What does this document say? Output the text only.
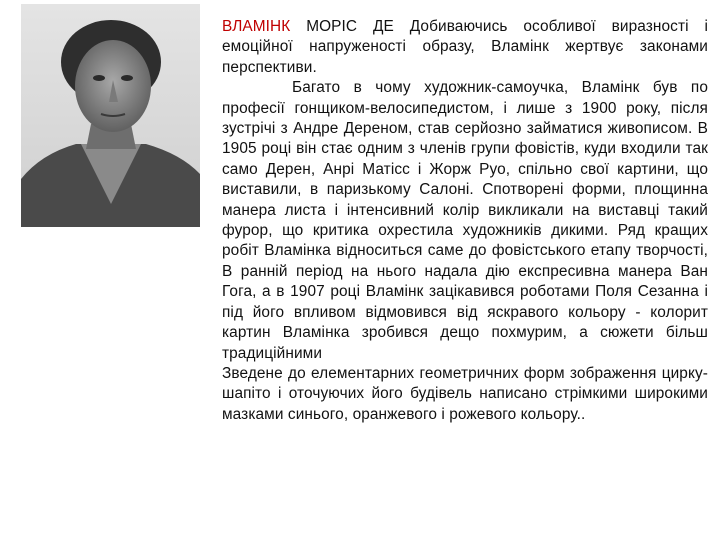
ВЛАМІНК МОРІС ДЕ Добиваючись особливої виразності і емоційної напруженості образу, Вламінк жертвує законами перспективи.

Багато в чому художник-самоучка, Вламінк був по професії гонщиком-велосипедистом, і лише з 1900 року, після зустрічі з Андре Дереном, став серйозно займатися живописом. В 1905 році він стає одним з членів групи фовістів, куди входили так само Дерен, Анрі Матісс і Жорж Руо, спільно свої картини, що виставили, в паризькому Салоні. Спотворені форми, площинна манера листа і інтенсивний колір викликали на виставці такий фурор, що критика охрестила художників дикими. Ряд кращих робіт Вламінка відноситься саме до фовістського етапу творчості, В ранній період на нього надала дію експресивна манера Ван Гога, а в 1907 році Вламінк зацікавився роботами Поля Сезанна і під його впливом відмовився від яскравого кольору - колорит картин Вламінка зробився дещо похмурим, а сюжети більш традиційними

Зведене до елементарних геометричних форм зображення цирку-шапіто і оточуючих його будівель написано стрімкими широкими мазками синього, оранжевого і рожевого кольору..
